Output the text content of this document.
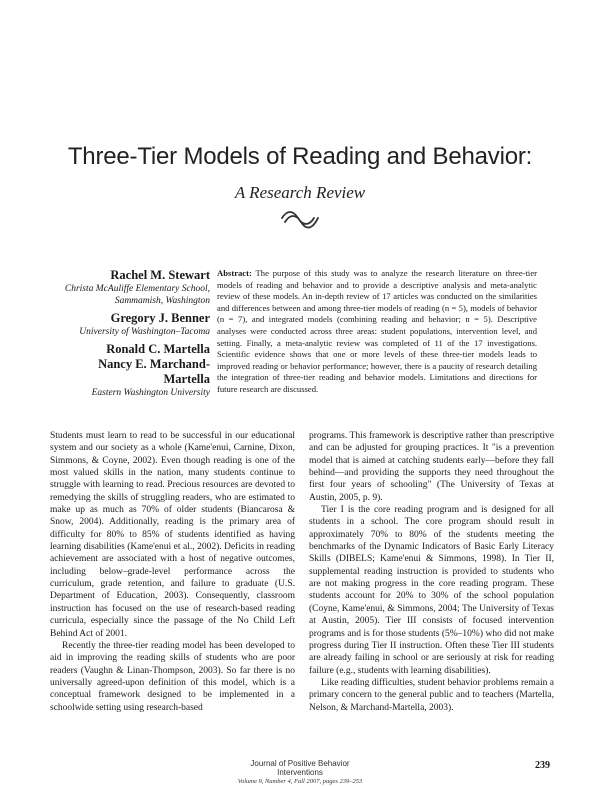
Three-Tier Models of Reading and Behavior:
A Research Review
Rachel M. Stewart
Christa McAuliffe Elementary School, Sammamish, Washington
Gregory J. Benner
University of Washington–Tacoma
Ronald C. Martella
Nancy E. Marchand-Martella
Eastern Washington University

Abstract: The purpose of this study was to analyze the research literature on three-tier models of reading and behavior and to provide a descriptive analysis and meta-analytic review of these models. An in-depth review of 17 articles was conducted on the similarities and differences between and among three-tier models of reading (n = 5), models of behavior (n = 7), and integrated models (combining reading and behavior; n = 5). Descriptive analyses were conducted across three areas: student populations, intervention level, and setting. Finally, a meta-analytic review was completed of 11 of the 17 investigations. Scientific evidence shows that one or more levels of these three-tier models leads to improved reading or behavior performance; however, there is a paucity of research detailing the integration of three-tier reading and behavior models. Limitations and directions for future research are discussed.

Students must learn to read to be successful in our educational system and our society as a whole (Kame'enui, Carnine, Dixon, Simmons, & Coyne, 2002). Even though reading is one of the most valued skills in the nation, many students continue to struggle with learning to read. Precious resources are devoted to remedying the skills of struggling readers, who are estimated to make up as much as 70% of older students (Biancarosa & Snow, 2004). Additionally, reading is the primary area of difficulty for 80% to 85% of students identified as having learning disabilities (Kame'enui et al., 2002). Deficits in reading achievement are associated with a host of negative outcomes, including below–grade-level performance across the curriculum, grade retention, and failure to graduate (U.S. Department of Education, 2003). Consequently, classroom instruction has focused on the use of research-based reading curricula, especially since the passage of the No Child Left Behind Act of 2001.

Recently the three-tier reading model has been developed to aid in improving the reading skills of students who are poor readers (Vaughn & Linan-Thompson, 2003). So far there is no universally agreed-upon definition of this model, which is a conceptual framework designed to be implemented in a schoolwide setting using research-based

programs. This framework is descriptive rather than prescriptive and can be adjusted for grouping practices. It "is a prevention model that is aimed at catching students early—before they fall behind—and providing the supports they need throughout the first four years of schooling" (The University of Texas at Austin, 2005, p. 9).

Tier I is the core reading program and is designed for all students in a school. The core program should result in approximately 70% to 80% of the students meeting the benchmarks of the Dynamic Indicators of Basic Early Literacy Skills (DIBELS; Kame'enui & Simmons, 1998). In Tier II, supplemental reading instruction is provided to students who are not making progress in the core reading program. These students account for 20% to 30% of the school population (Coyne, Kame'enui, & Simmons, 2004; The University of Texas at Austin, 2005). Tier III consists of focused intervention programs and is for those students (5%–10%) who did not make progress during Tier II instruction. Often these Tier III students are already failing in school or are seriously at risk for reading failure (e.g., students with learning disabilities).

Like reading difficulties, student behavior problems remain a primary concern to the general public and to teachers (Martella, Nelson, & Marchand-Martella, 2003).

Journal of Positive Behavior Interventions
Volume 9, Number 4, Fall 2007, pages 239–253
239
